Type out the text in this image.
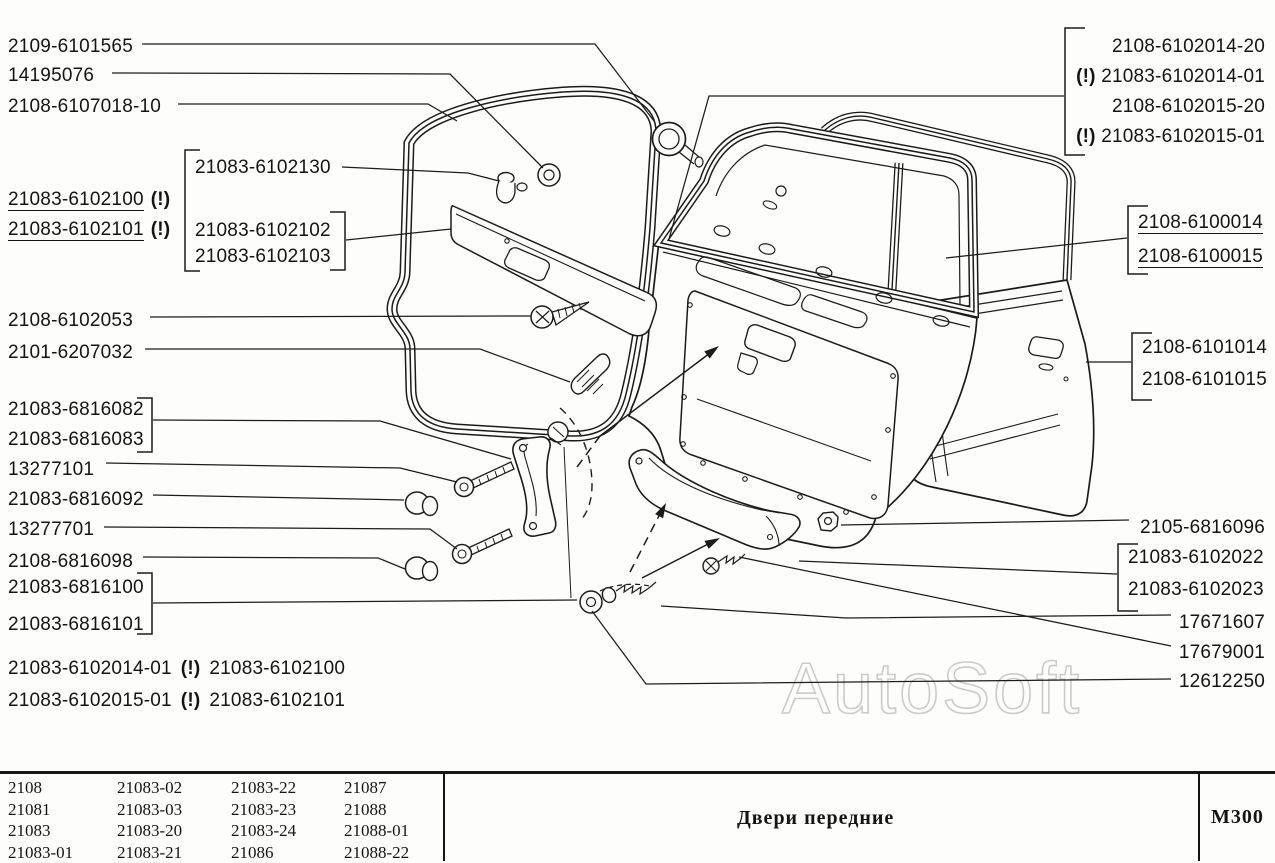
AutoSoft
2109-6101565
14195076
2108-6107018-10
21083-6102130
21083-6102100 (!)
21083-6102101 (!) 21083-6102102
21083-6102103
2108-6102053
2101-6207032
21083-6816082
21083-6816083
13277101
21083-6816092
13277701
2108-6816098
21083-6816100
21083-6816101
21083-6102014-01 (!) 21083-6102100
21083-6102015-01 (!) 21083-6102101
2108-6102014-20
(!) 21083-6102014-01
2108-6102015-20
(!) 21083-6102015-01
2108-6100014
2108-6100015
2108-6101014
2108-6101015
2105-6816096
21083-6102022
21083-6102023
17671607
17679001
12612250
2108
21081
21083
21083-01
21083-02
21083-03
21083-20
21083-21
21083-22
21083-23
21083-24
21086
21087
21088
21088-01
21088-22
Двери передние	М300
